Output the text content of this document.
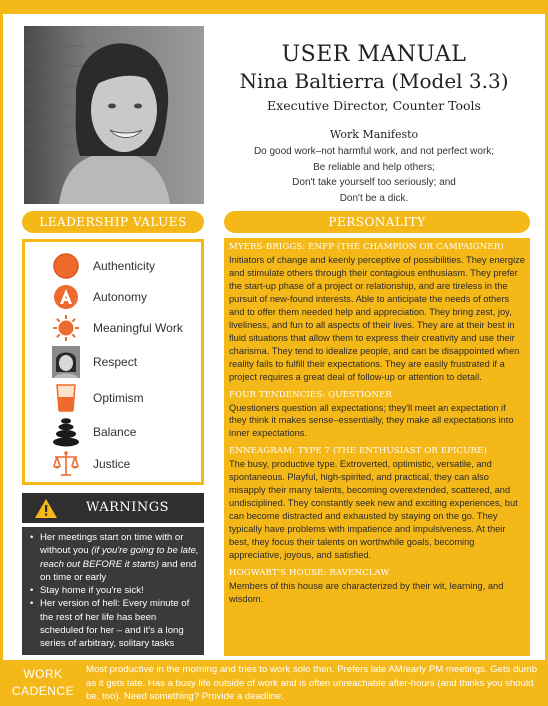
USER MANUAL
Nina Baltierra (Model 3.3)
Executive Director, Counter Tools
Work Manifesto
Do good work–not harmful work, and not perfect work;
Be reliable and help others;
Don't take yourself too seriously; and
Don't be a dick.
LEADERSHIP VALUES	PERSONALITY
Authenticity
Autonomy
Meaningful Work
Respect
Optimism
Balance
Justice
WARNINGS
• Her meetings start on time with or without you (if you're going to be late, reach out BEFORE it starts) and end on time or early
• Stay home if you're sick!
• Her version of hell: Every minute of the rest of her life has been scheduled for her – and it's a long series of arbitrary, solitary tasks
MYERS-BRIGGS: ENFP (THE CHAMPION OR CAMPAIGNER)
Initiators of change and keenly perceptive of possibilities. They energize and stimulate others through their contagious enthusiasm. They prefer the start-up phase of a project or relationship, and are tireless in the pursuit of new-found interests. Able to anticipate the needs of others and to offer them needed help and appreciation. They bring zest, joy, liveliness, and fun to all aspects of their lives. They are at their best in fluid situations that allow them to express their creativity and use their charisma. They tend to idealize people, and can be disappointed when reality fails to fulfill their expectations. They are easily frustrated if a project requires a great deal of follow-up or attention to detail.
FOUR TENDENCIES: QUESTIONER
Questioners question all expectations; they'll meet an expectation if they think it makes sense–essentially, they make all expectations into inner expectations.
ENNEAGRAM: TYPE 7 (THE ENTHUSIAST OR EPICURE)
The busy, productive type. Extroverted, optimistic, versatile, and spontaneous. Playful, high-spirited, and practical, they can also misapply their many talents, becoming overextended, scattered, and undisciplined. They constantly seek new and exciting experiences, but can become distracted and exhausted by staying on the go. They typically have problems with impatience and impulsiveness. At their best, they focus their talents on worthwhile goals, becoming appreciative, joyous, and satisfied.
HOGWART'S HOUSE: RAVENCLAW
Members of this house are characterized by their wit, learning, and wisdom.
WORK
CADENCE
Most productive in the morning and tries to work solo then. Prefers late AM/early PM meetings. Gets dumb as it gets late. Has a busy life outside of work and is often unreachable after-hours (and thinks you should be, too). Need something? Provide a deadline.
